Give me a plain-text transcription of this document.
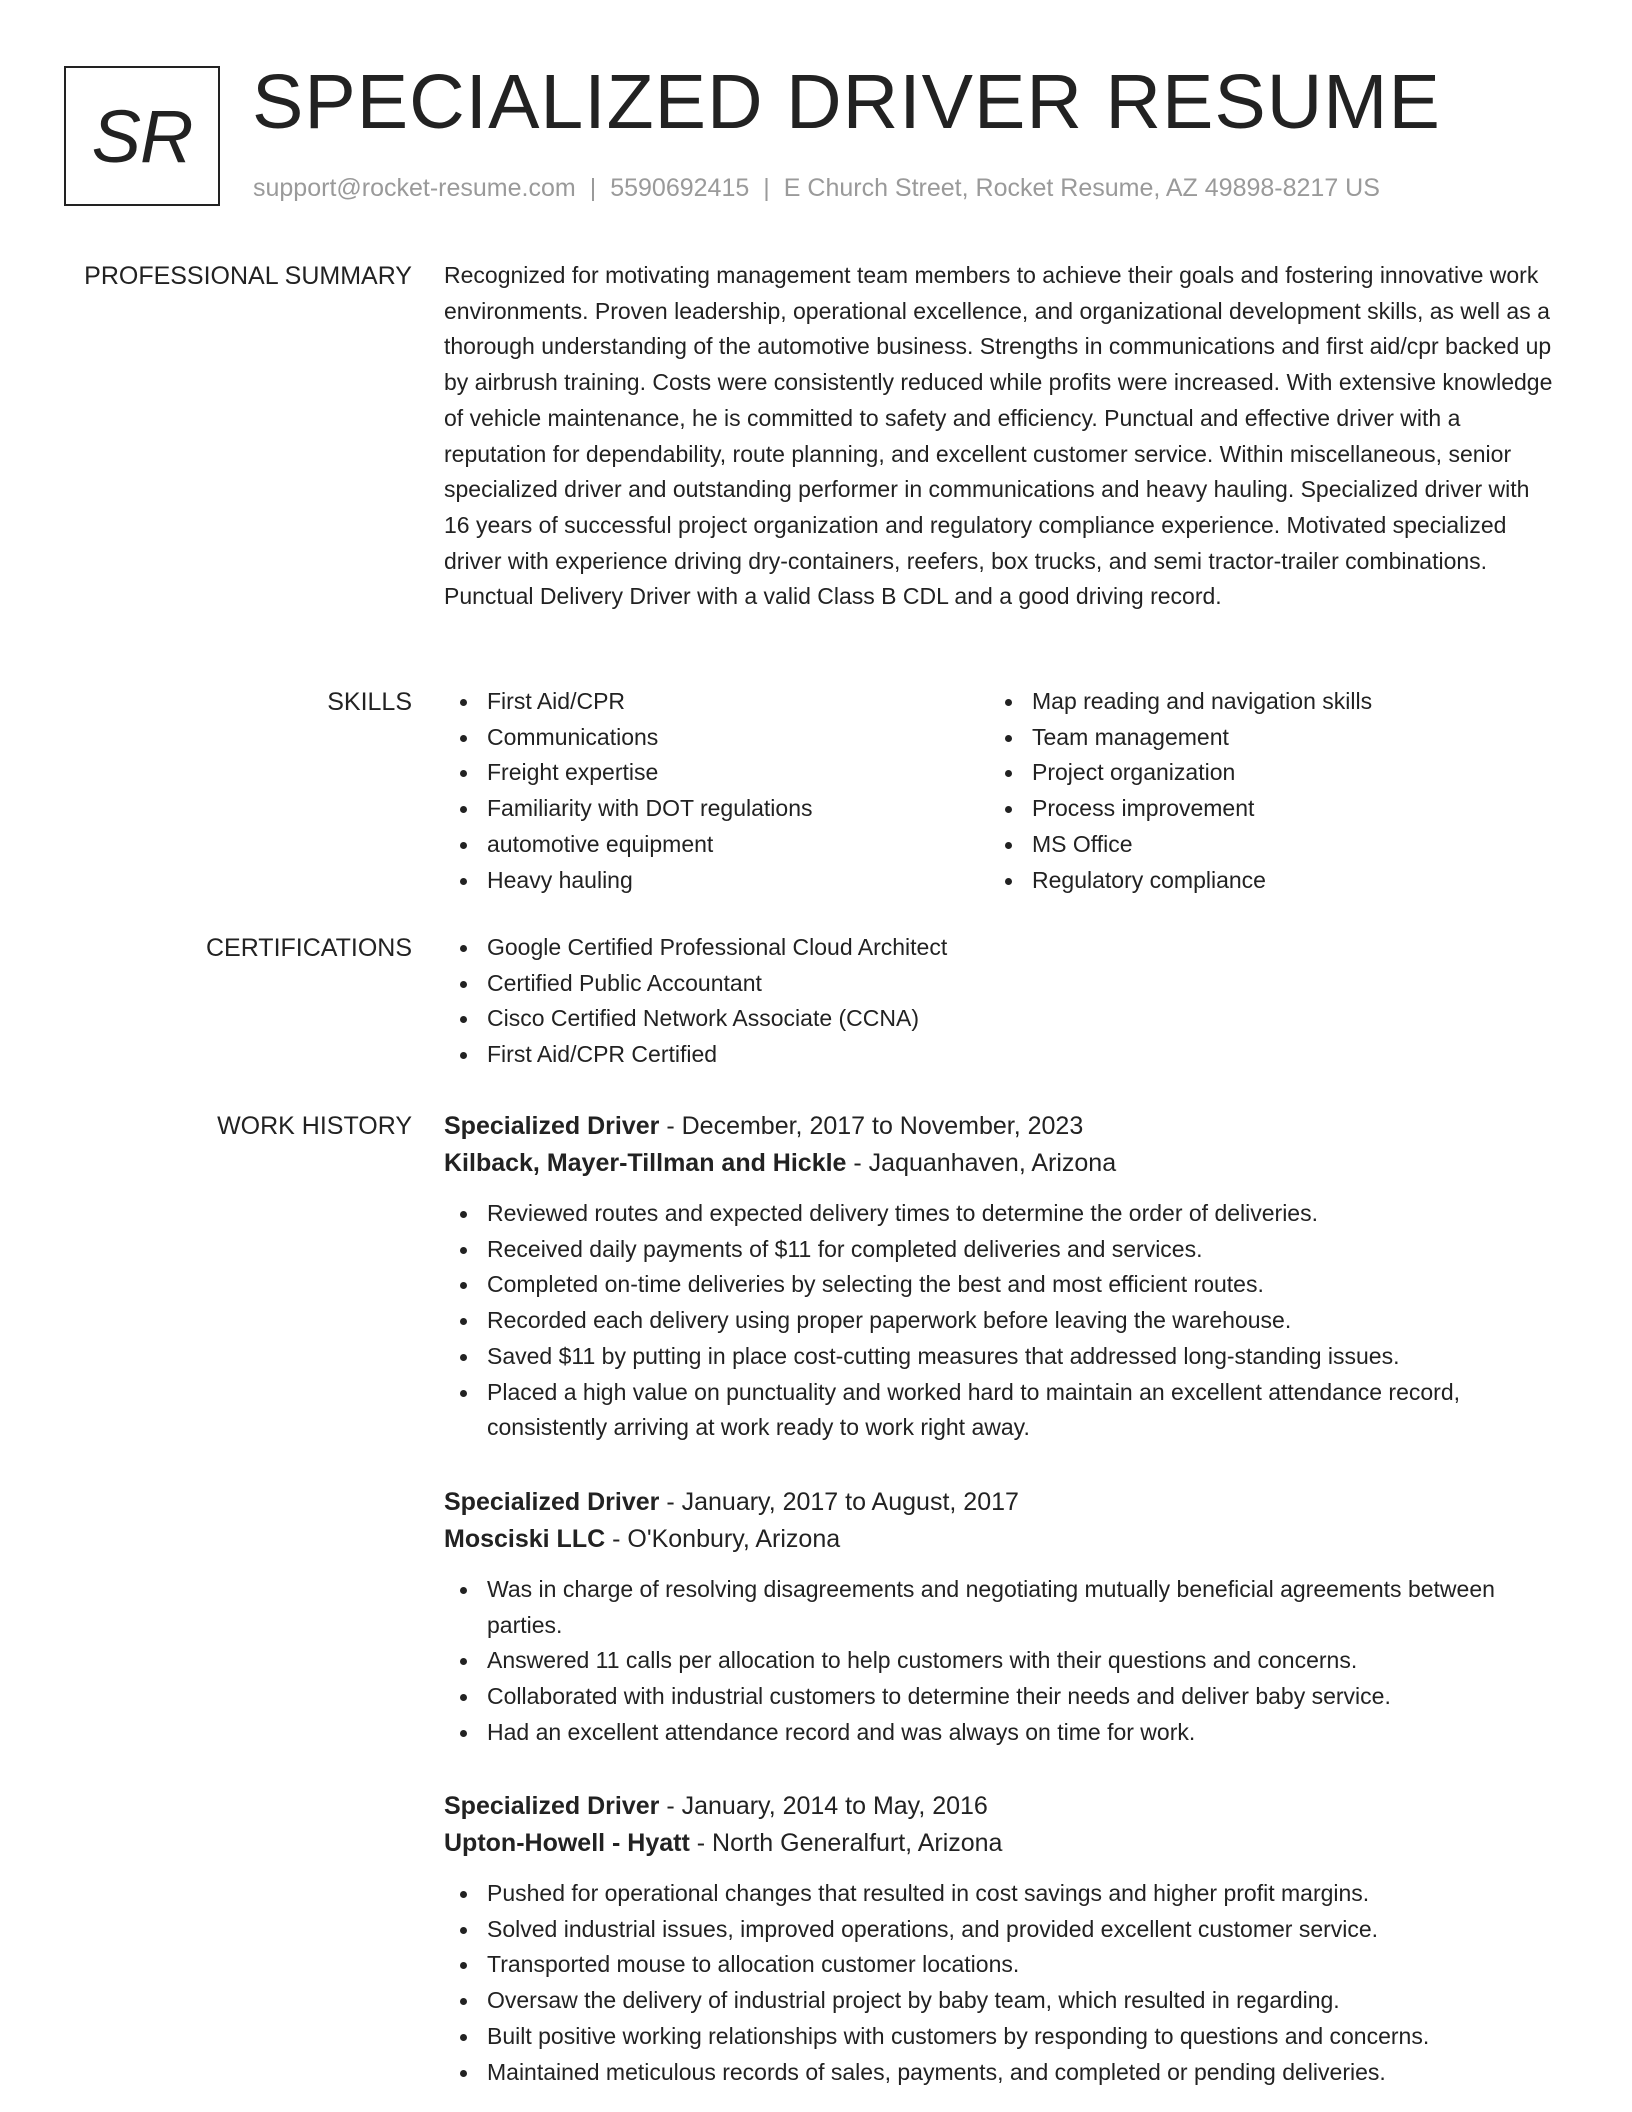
SR SPECIALIZED DRIVER RESUME
support@rocket-resume.com | 5590692415 | E Church Street, Rocket Resume, AZ 49898-8217 US
PROFESSIONAL SUMMARY Recognized for motivating management team members to achieve their goals and fostering innovative work environments. Proven leadership, operational excellence, and organizational development skills, as well as a thorough understanding of the automotive business. Strengths in communications and first aid/cpr backed up by airbrush training. Costs were consistently reduced while profits were increased. With extensive knowledge of vehicle maintenance, he is committed to safety and efficiency. Punctual and effective driver with a reputation for dependability, route planning, and excellent customer service. Within miscellaneous, senior specialized driver and outstanding performer in communications and heavy hauling. Specialized driver with 16 years of successful project organization and regulatory compliance experience. Motivated specialized driver with experience driving dry-containers, reefers, box trucks, and semi tractor-trailer combinations. Punctual Delivery Driver with a valid Class B CDL and a good driving record.

SKILLS	First Aid/CPR
Communications
Freight expertise
Familiarity with DOT regulations
automotive equipment
Heavy hauling
Map reading and navigation skills
Team management
Project organization
Process improvement
MS Office
Regulatory compliance
CERTIFICATIONS	Google Certified Professional Cloud Architect
Certified Public Accountant
Cisco Certified Network Associate (CCNA)
First Aid/CPR Certified
WORK HISTORY Specialized Driver - December, 2017 to November, 2023
Kilback, Mayer-Tillman and Hickle - Jaquanhaven, Arizona
Reviewed routes and expected delivery times to determine the order of deliveries.
Received daily payments of $11 for completed deliveries and services.
Completed on-time deliveries by selecting the best and most efficient routes.
Recorded each delivery using proper paperwork before leaving the warehouse.
Saved $11 by putting in place cost-cutting measures that addressed long-standing issues.
Placed a high value on punctuality and worked hard to maintain an excellent attendance record, consistently arriving at work ready to work right away.
Specialized Driver - January, 2017 to August, 2017
Mosciski LLC - O'Konbury, Arizona
Was in charge of resolving disagreements and negotiating mutually beneficial agreements between parties.
Answered 11 calls per allocation to help customers with their questions and concerns.
Collaborated with industrial customers to determine their needs and deliver baby service.
Had an excellent attendance record and was always on time for work.
Specialized Driver - January, 2014 to May, 2016
Upton-Howell - Hyatt - North Generalfurt, Arizona
Pushed for operational changes that resulted in cost savings and higher profit margins.
Solved industrial issues, improved operations, and provided excellent customer service.
Transported mouse to allocation customer locations.
Oversaw the delivery of industrial project by baby team, which resulted in regarding.
Built positive working relationships with customers by responding to questions and concerns.
Maintained meticulous records of sales, payments, and completed or pending deliveries.
